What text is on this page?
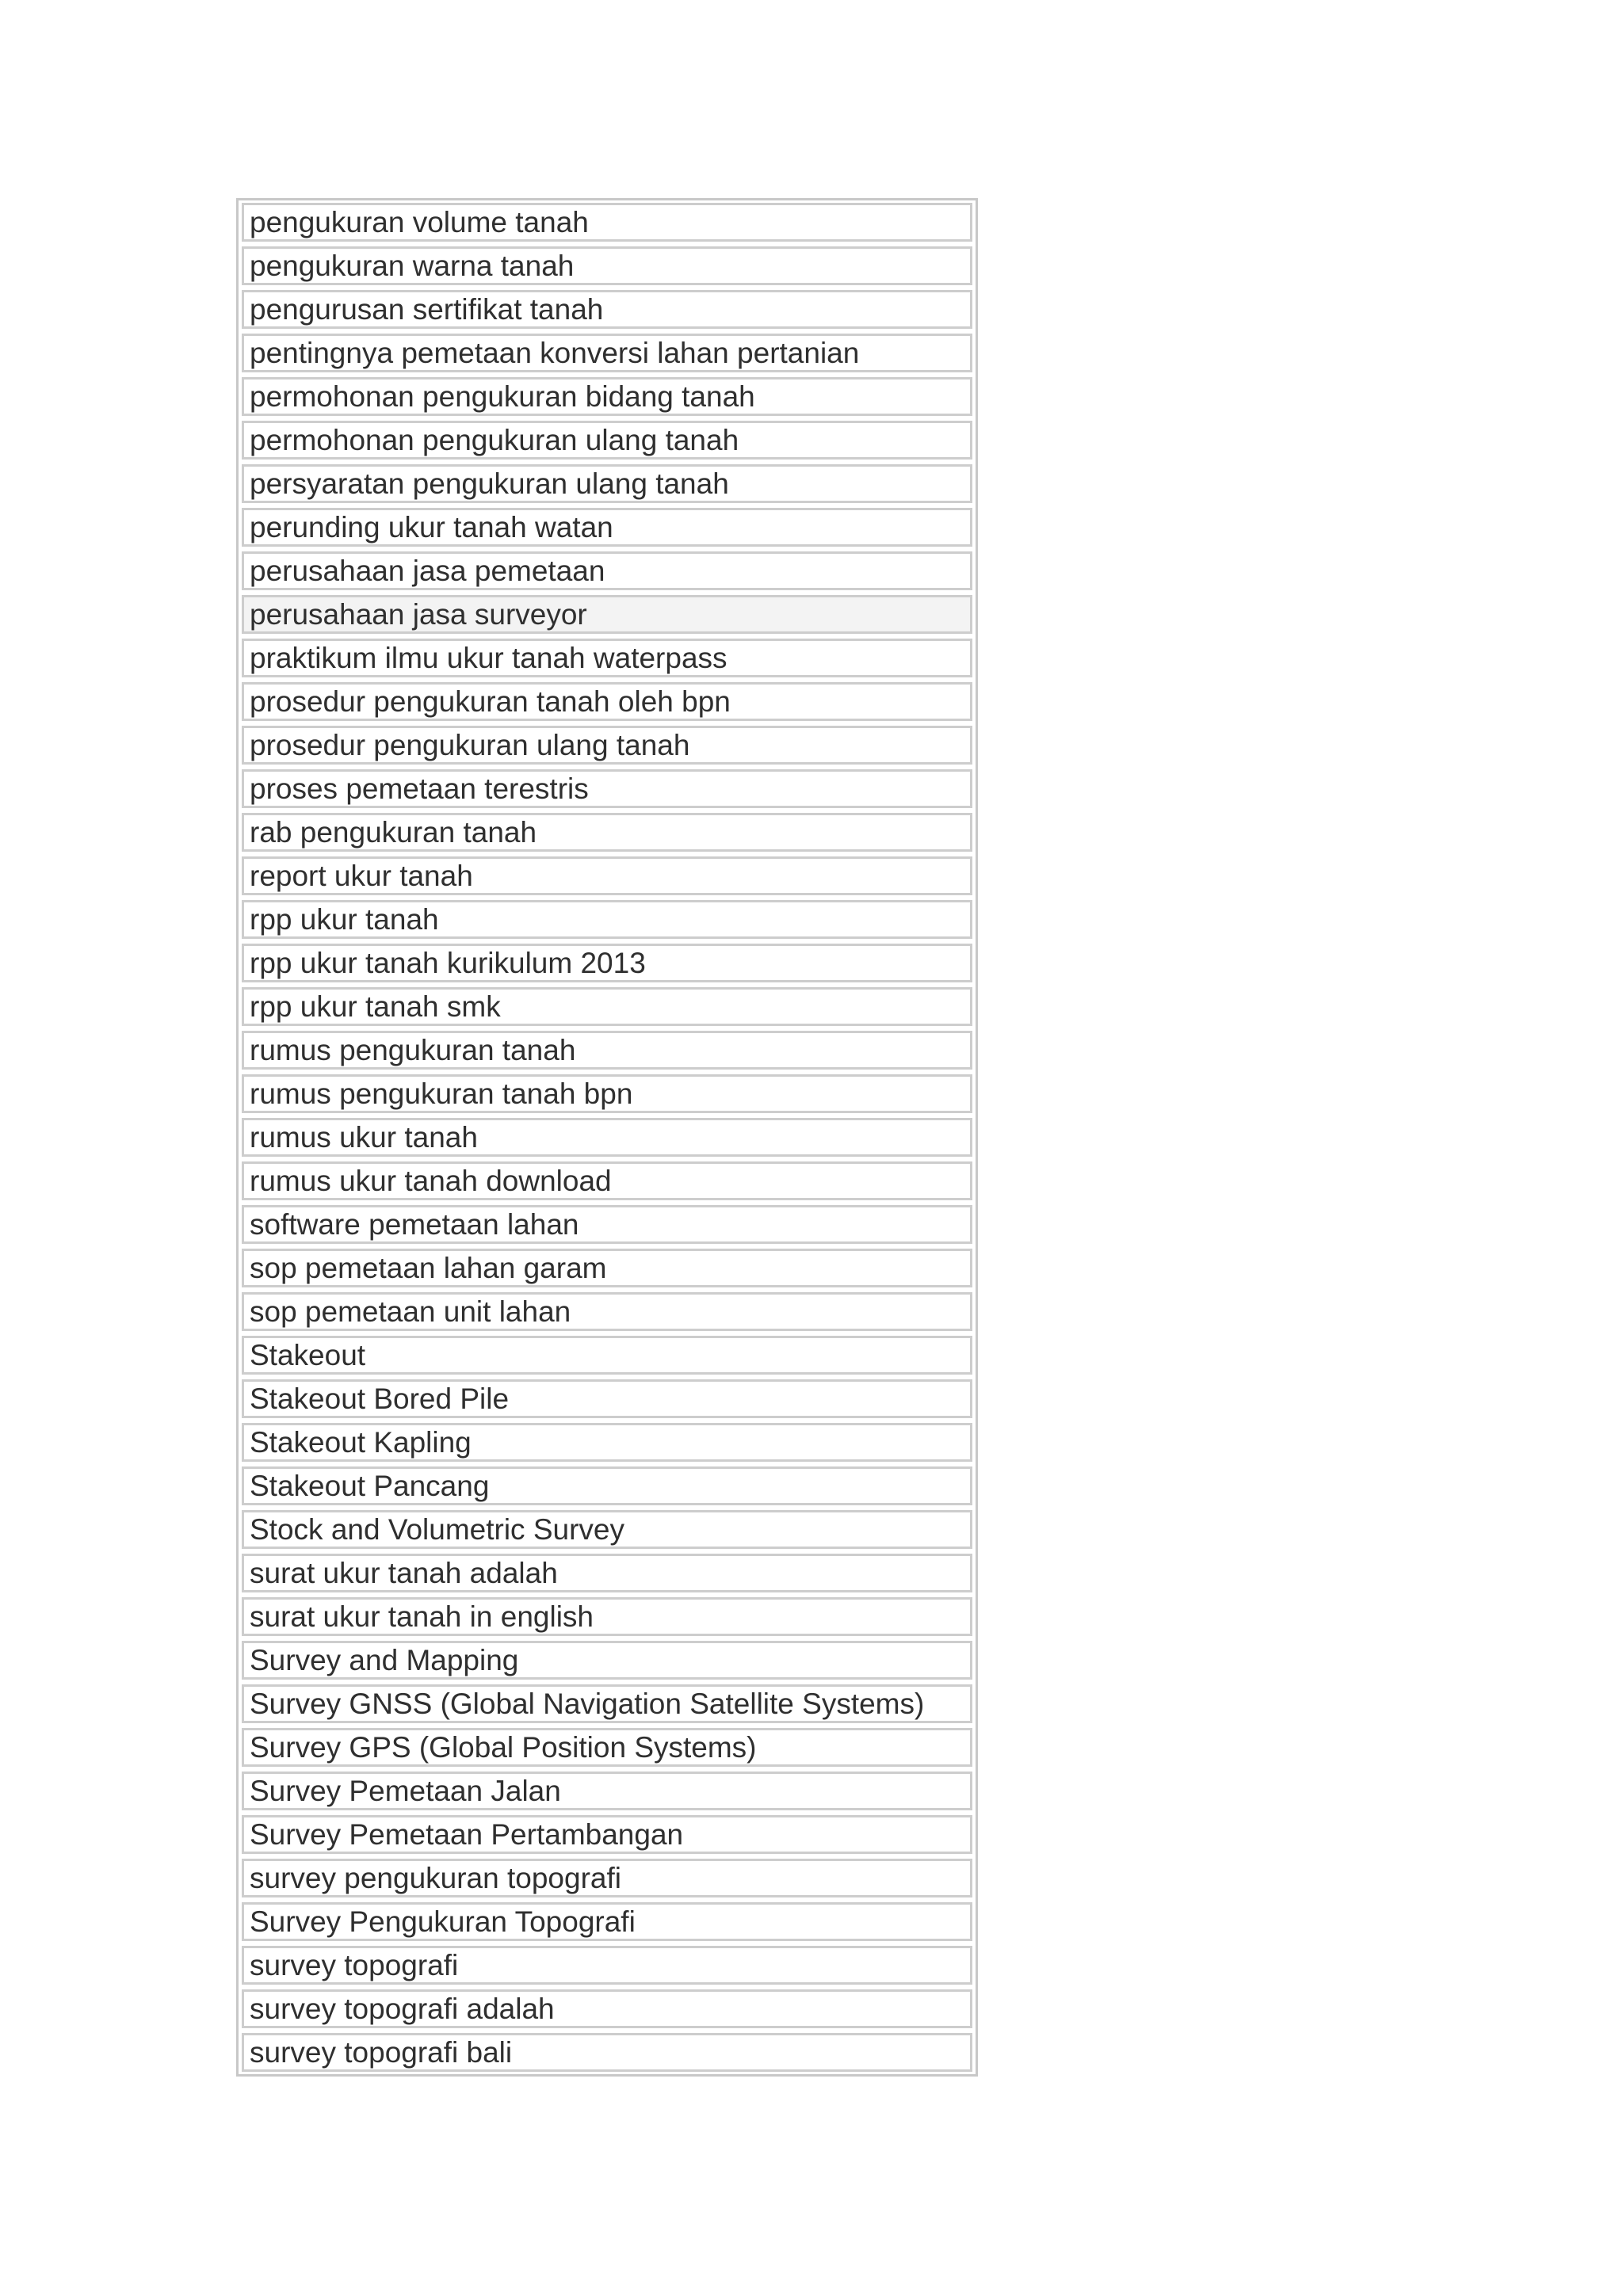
pengukuran volume tanah
pengukuran warna tanah
pengurusan sertifikat tanah
pentingnya pemetaan konversi lahan pertanian
permohonan pengukuran bidang tanah
permohonan pengukuran ulang tanah
persyaratan pengukuran ulang tanah
perunding ukur tanah watan
perusahaan jasa pemetaan
perusahaan jasa surveyor
praktikum ilmu ukur tanah waterpass
prosedur pengukuran tanah oleh bpn
prosedur pengukuran ulang tanah
proses pemetaan terestris
rab pengukuran tanah
report ukur tanah
rpp ukur tanah
rpp ukur tanah kurikulum 2013
rpp ukur tanah smk
rumus pengukuran tanah
rumus pengukuran tanah bpn
rumus ukur tanah
rumus ukur tanah download
software pemetaan lahan
sop pemetaan lahan garam
sop pemetaan unit lahan
Stakeout
Stakeout Bored Pile
Stakeout Kapling
Stakeout Pancang
Stock and Volumetric Survey
surat ukur tanah adalah
surat ukur tanah in english
Survey and Mapping
Survey GNSS (Global Navigation Satellite Systems)
Survey GPS (Global Position Systems)
Survey Pemetaan Jalan
Survey Pemetaan Pertambangan
survey pengukuran topografi
Survey Pengukuran Topografi
survey topografi
survey topografi adalah
survey topografi bali
